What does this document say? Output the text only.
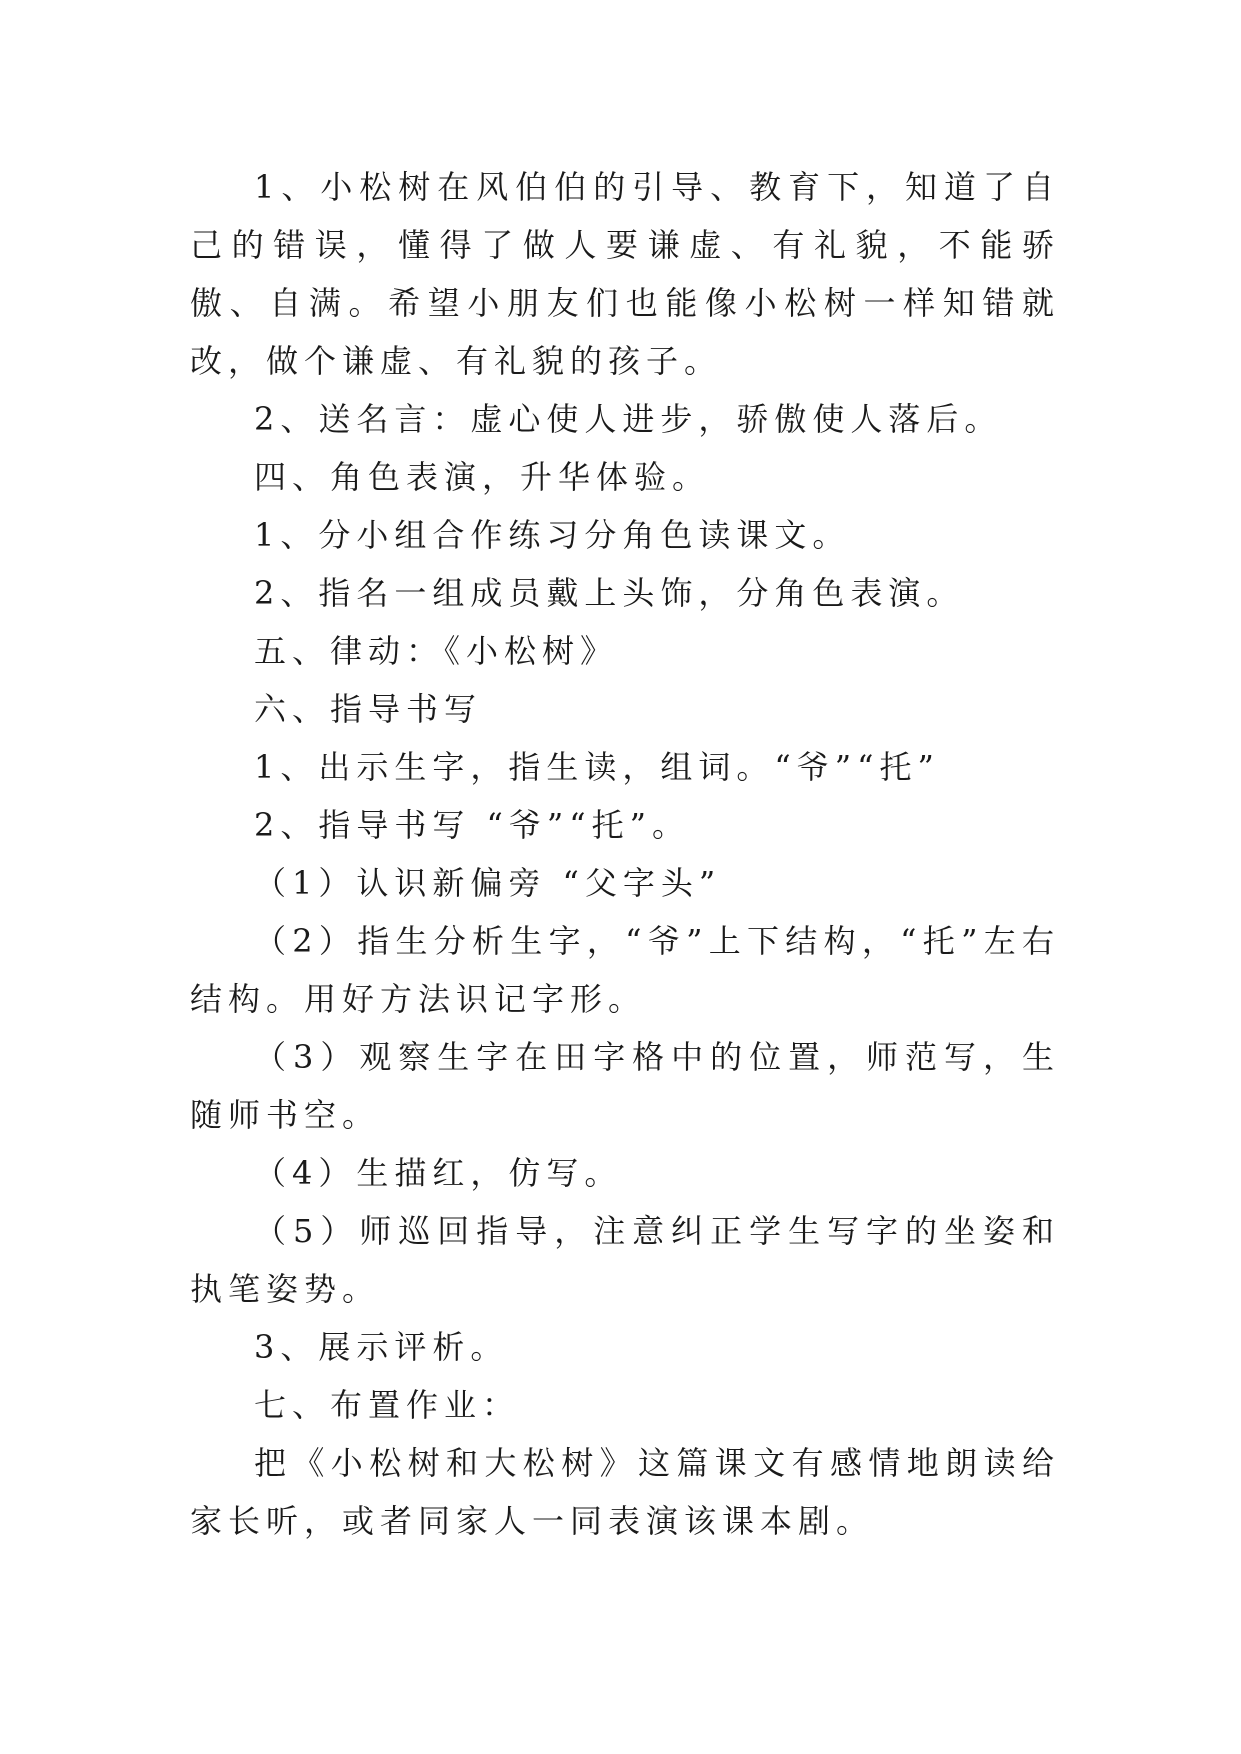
1、小松树在风伯伯的引导、教育下，知道了自己的错误，懂得了做人要谦虚、有礼貌，不能骄傲、自满。希望小朋友们也能像小松树一样知错就改，做个谦虚、有礼貌的孩子。

2、送名言：虚心使人进步，骄傲使人落后。

四、角色表演，升华体验。

1、分小组合作练习分角色读课文。

2、指名一组成员戴上头饰，分角色表演。

五、律动：《小松树》

六、指导书写

1、出示生字，指生读，组词。“爷”“托”

2、指导书写 “爷”“托”。

（1）认识新偏旁 “父字头”

（2）指生分析生字，“爷”上下结构，“托”左右结构。用好方法识记字形。

（3）观察生字在田字格中的位置，师范写，生随师书空。

（4）生描红，仿写。

（5）师巡回指导，注意纠正学生写字的坐姿和执笔姿势。

3、展示评析。

七、布置作业：

把《小松树和大松树》这篇课文有感情地朗读给家长听，或者同家人一同表演该课本剧。
